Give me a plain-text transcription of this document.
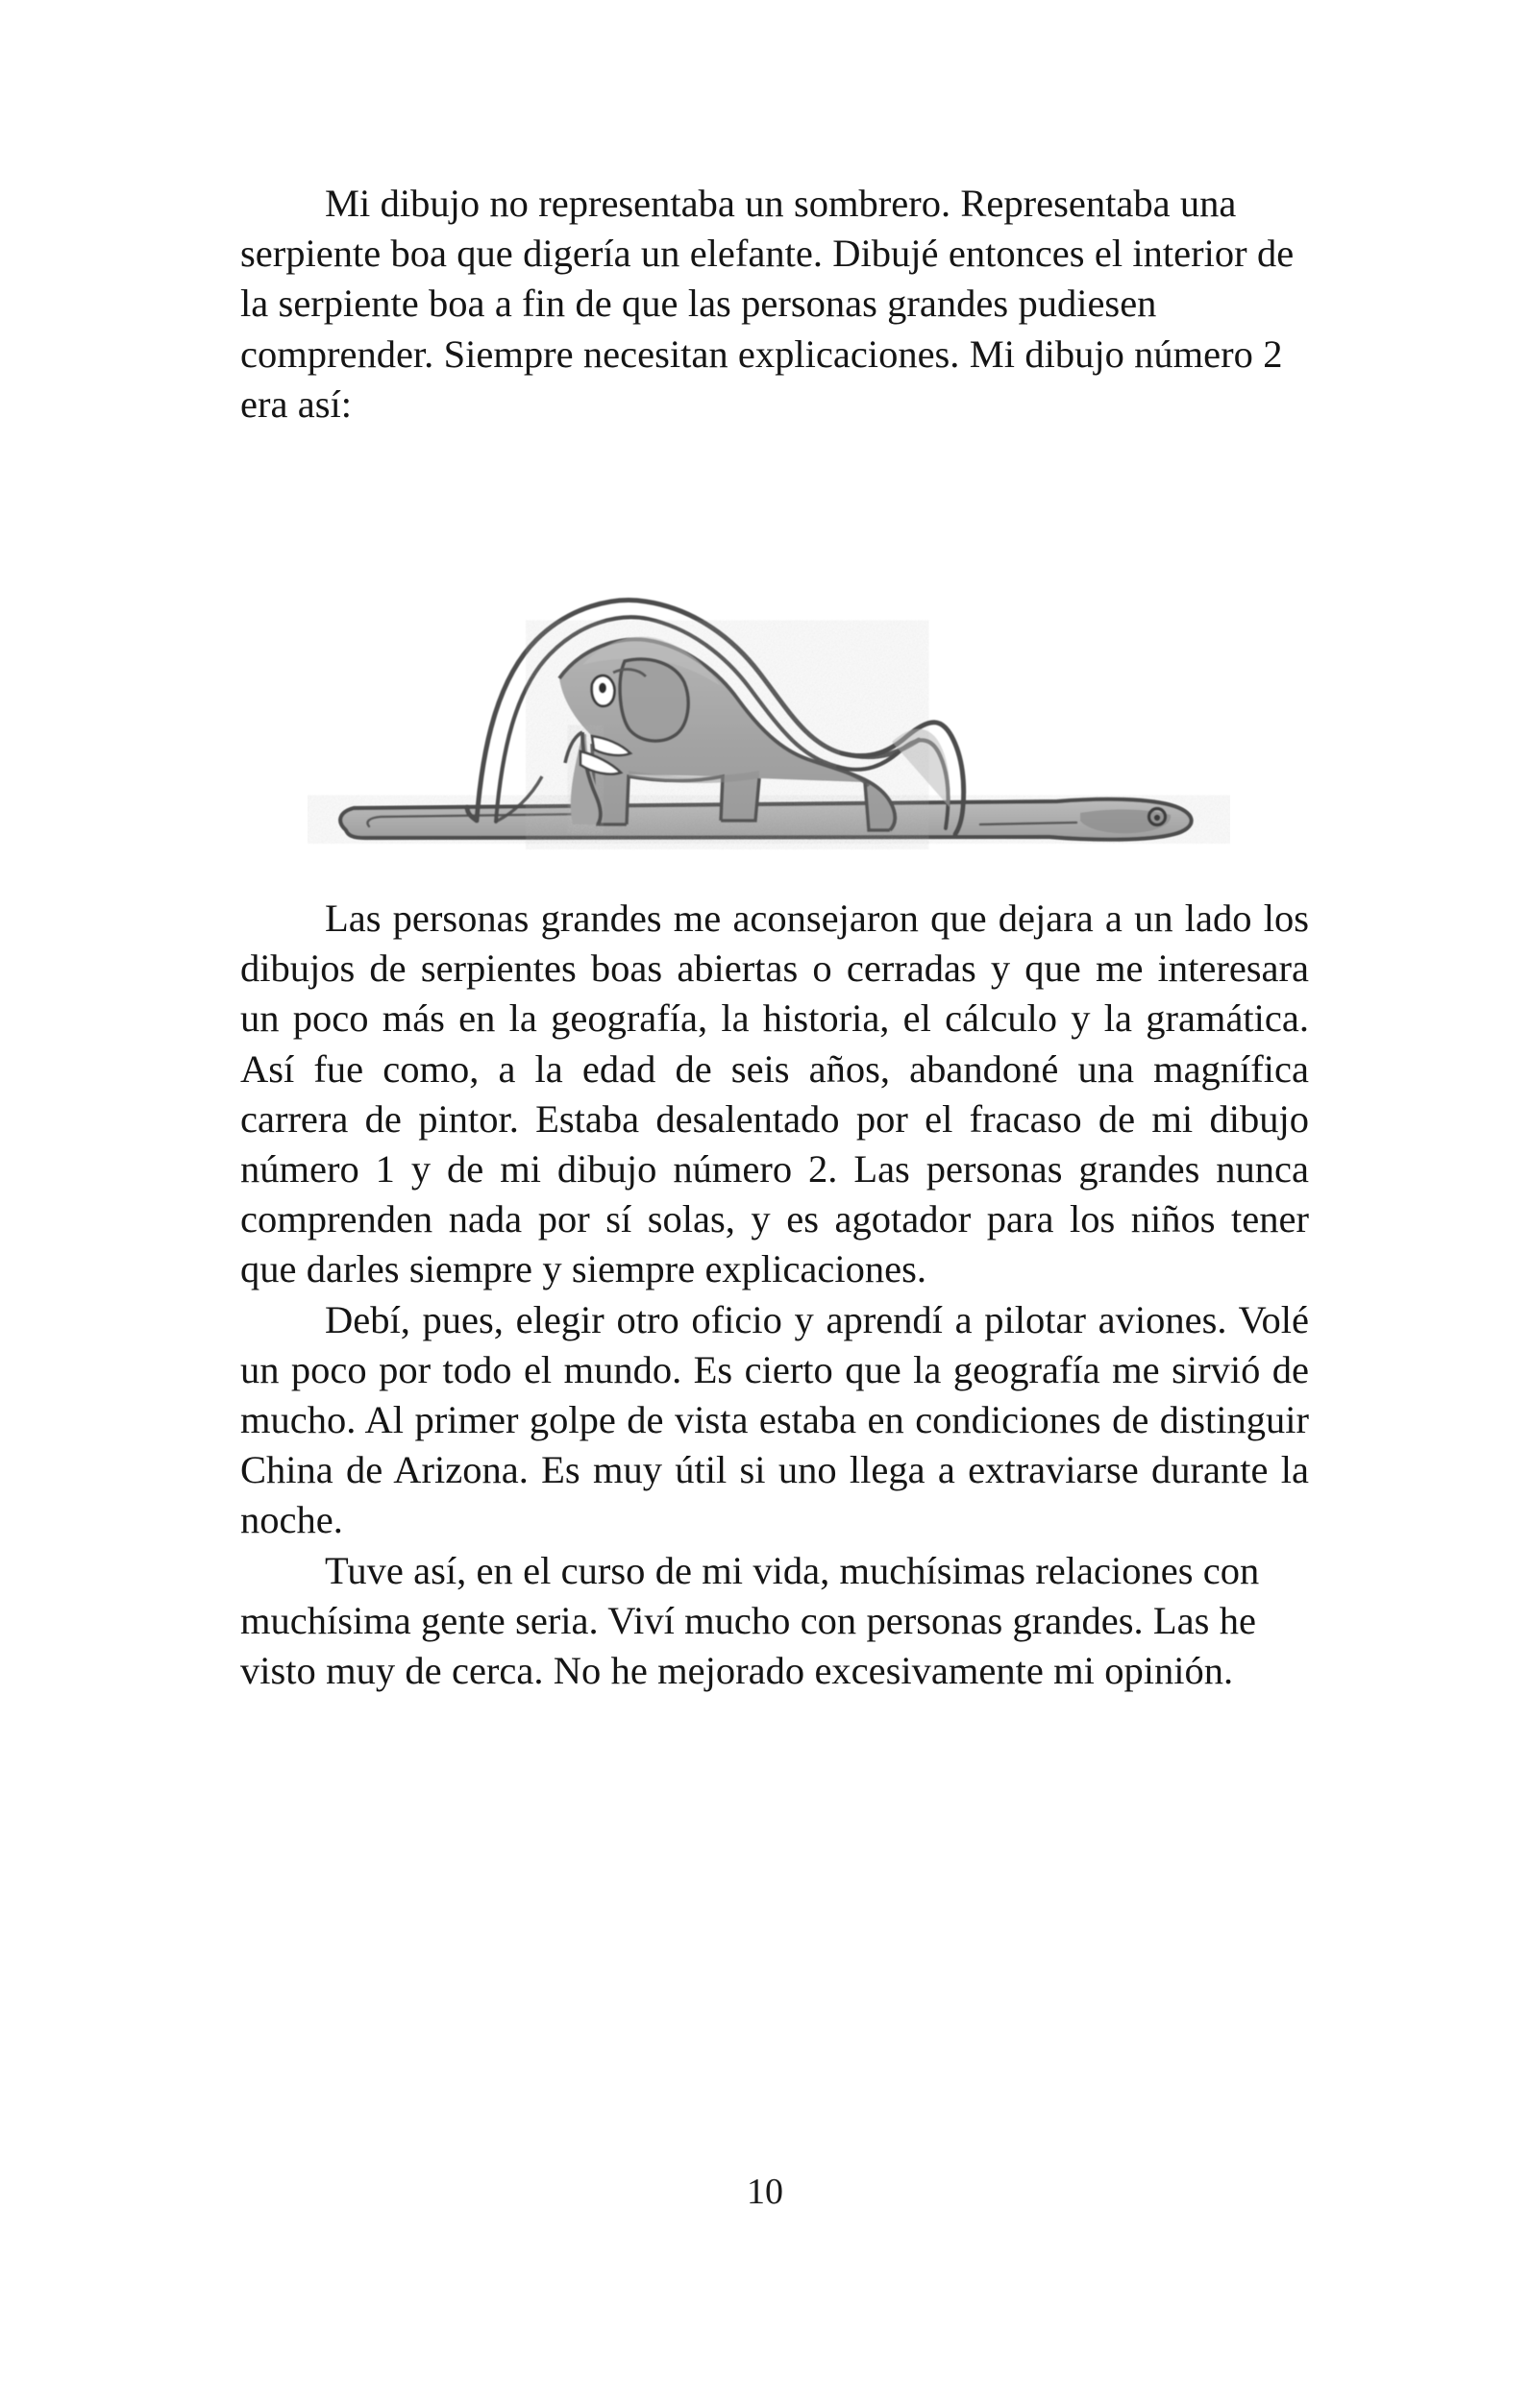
Mi dibujo no representaba un sombrero. Representaba una serpiente boa que digería un elefante. Dibujé entonces el interior de la serpiente boa a fin de que las personas grandes pudiesen comprender. Siempre necesitan explicaciones. Mi dibujo número 2 era así:

Las personas grandes me aconsejaron que dejara a un lado los dibujos de serpientes boas abiertas o cerradas y que me interesara un poco más en la geografía, la historia, el cálculo y la gramática. Así fue como, a la edad de seis años, abandoné una magnífica carrera de pintor. Estaba desalentado por el fracaso de mi dibujo número 1 y de mi dibujo número 2. Las personas grandes nunca comprenden nada por sí solas, y es agotador para los niños tener que darles siempre y siempre explicaciones.

Debí, pues, elegir otro oficio y aprendí a pilotar aviones. Volé un poco por todo el mundo. Es cierto que la geografía me sirvió de mucho. Al primer golpe de vista estaba en condiciones de distinguir China de Arizona. Es muy útil si uno llega a extraviarse durante la noche.

Tuve así, en el curso de mi vida, muchísimas relaciones con muchísima gente seria. Viví mucho con personas grandes. Las he visto muy de cerca. No he mejorado excesivamente mi opinión.

10
